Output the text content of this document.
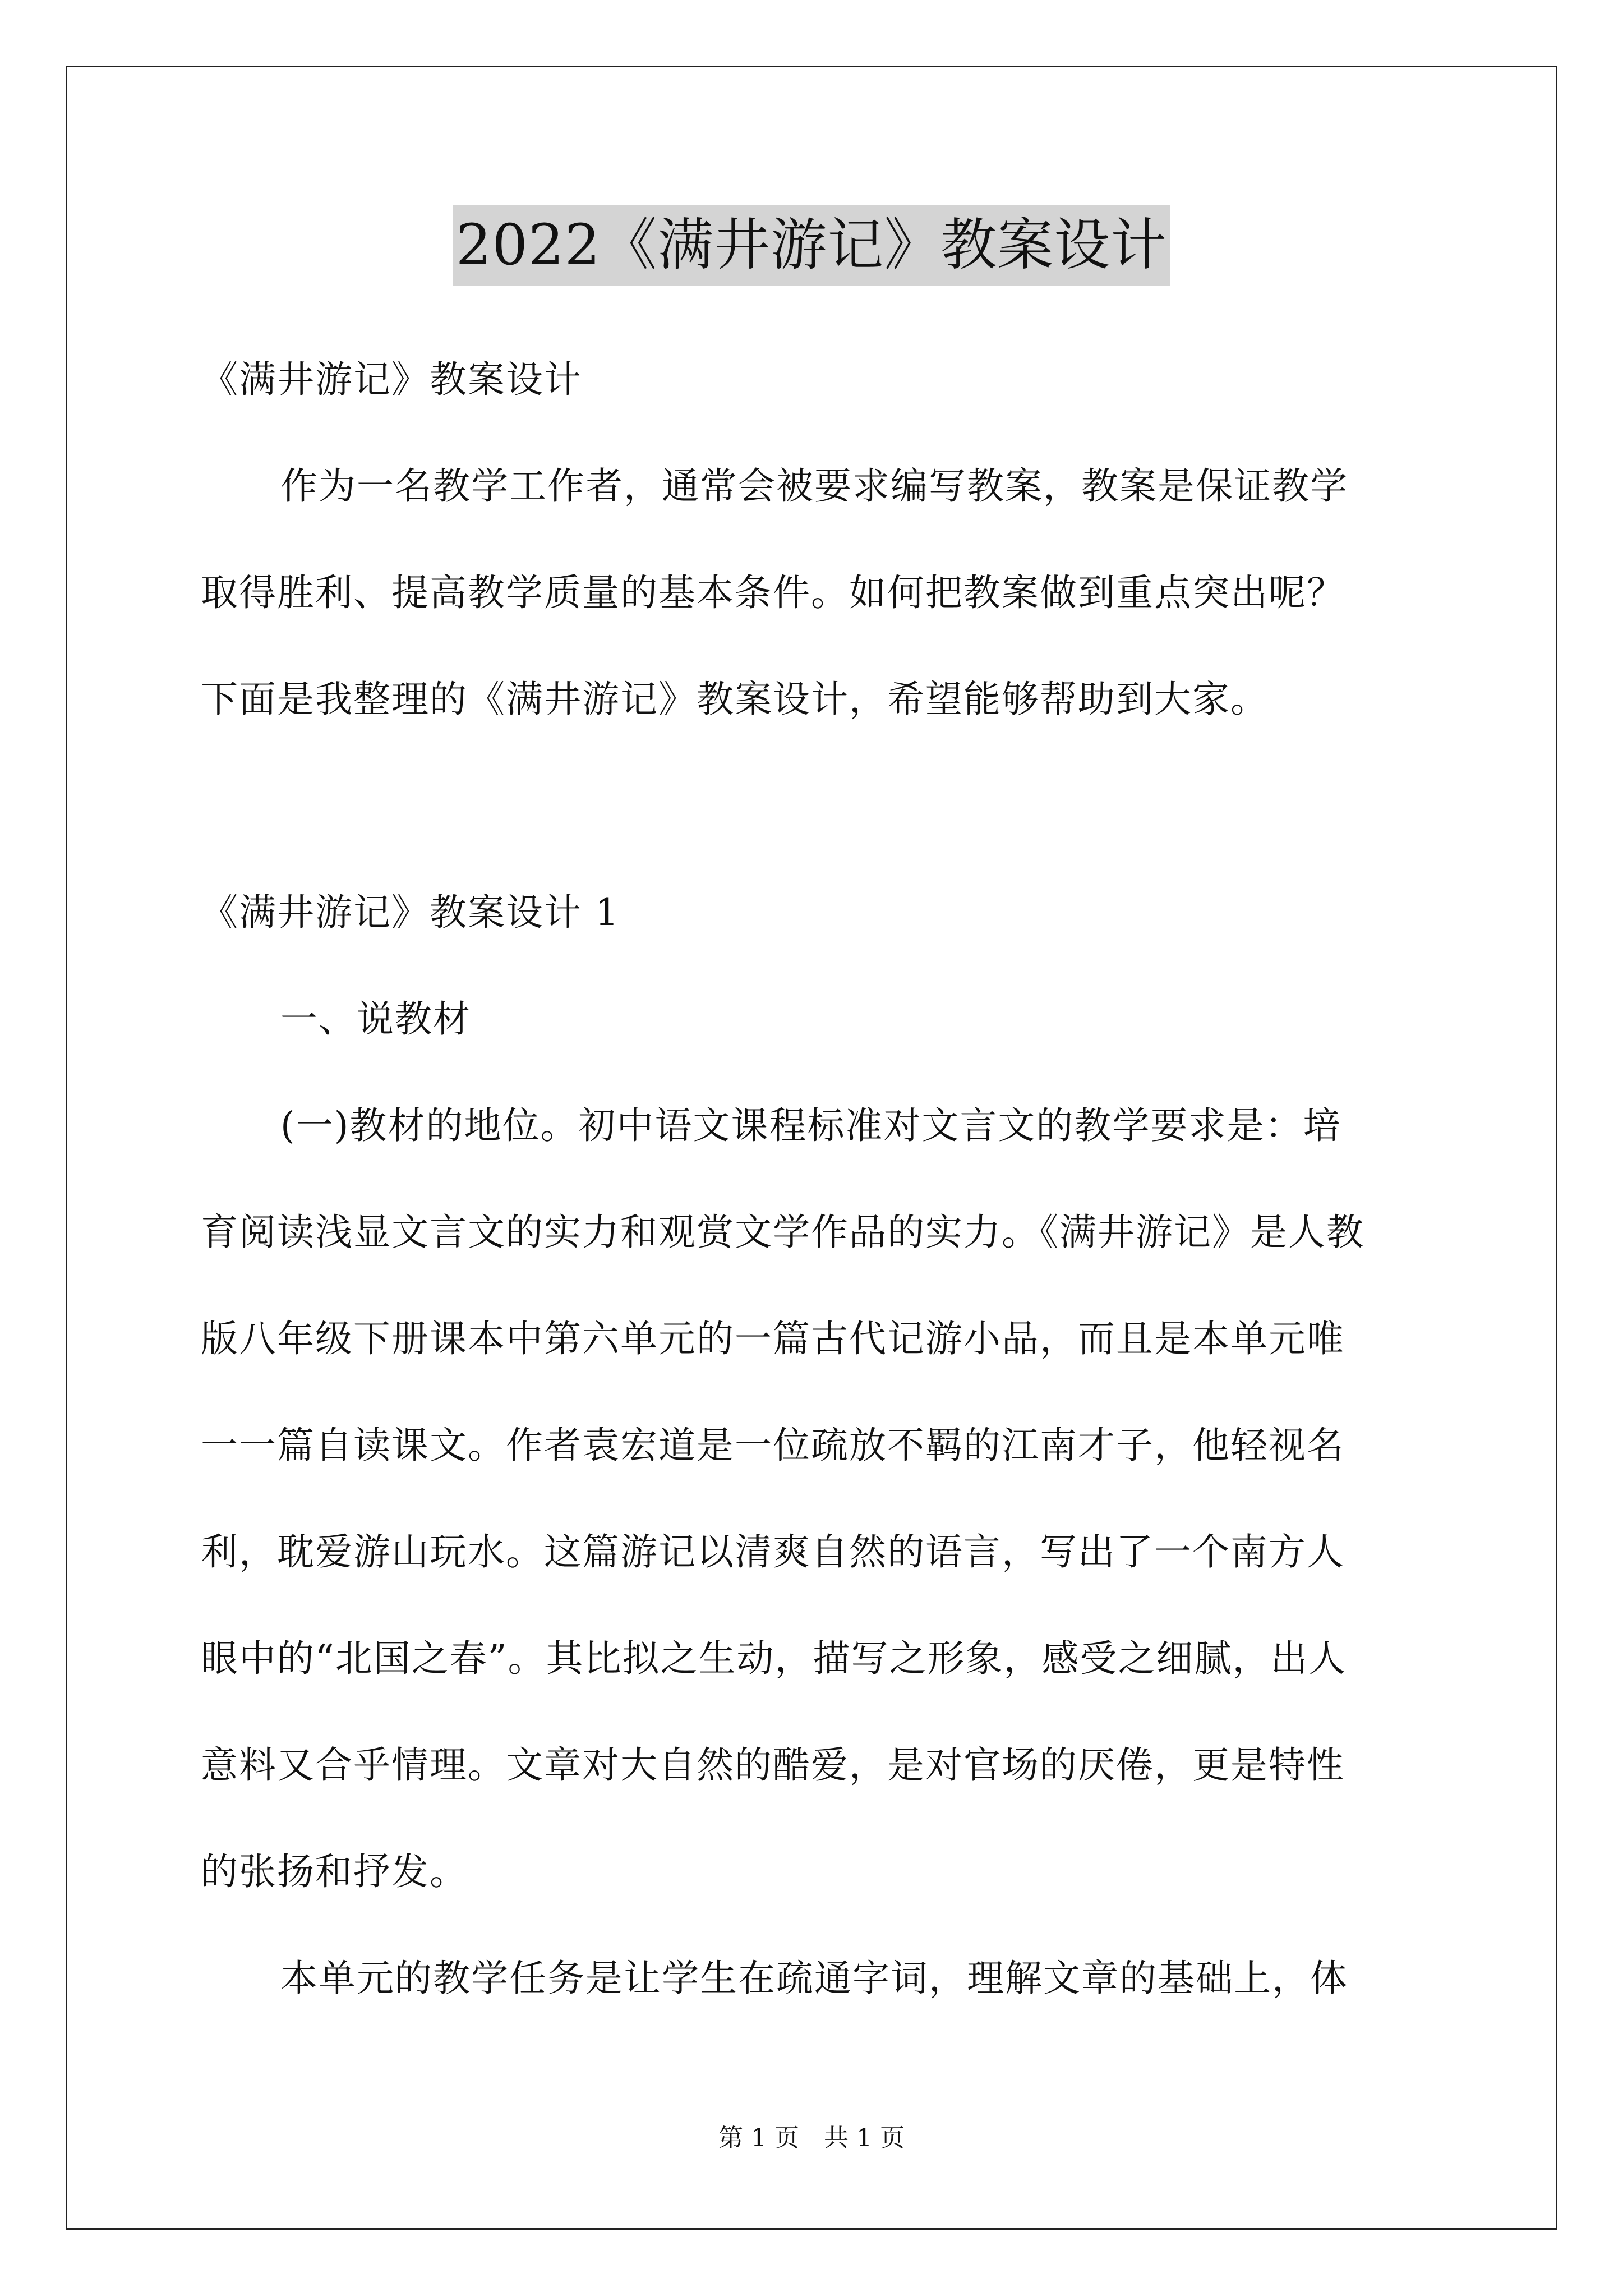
2022《满井游记》教案设计
《满井游记》教案设计
作为一名教学工作者，通常会被要求编写教案，教案是保证教学
取得胜利、提高教学质量的基本条件。如何把教案做到重点突出呢？
下面是我整理的《满井游记》教案设计，希望能够帮助到大家。
《满井游记》教案设计 1
一、说教材
(一)教材的地位。初中语文课程标准对文言文的教学要求是：培
育阅读浅显文言文的实力和观赏文学作品的实力。《满井游记》是人教
版八年级下册课本中第六单元的一篇古代记游小品，而且是本单元唯
一一篇自读课文。作者袁宏道是一位疏放不羁的江南才子，他轻视名
利，耽爱游山玩水。这篇游记以清爽自然的语言，写出了一个南方人
眼中的“北国之春”。其比拟之生动，描写之形象，感受之细腻，出人
意料又合乎情理。文章对大自然的酷爱，是对官场的厌倦，更是特性
的张扬和抒发。
本单元的教学任务是让学生在疏通字词，理解文章的基础上，体
第 1 页　共 1 页
